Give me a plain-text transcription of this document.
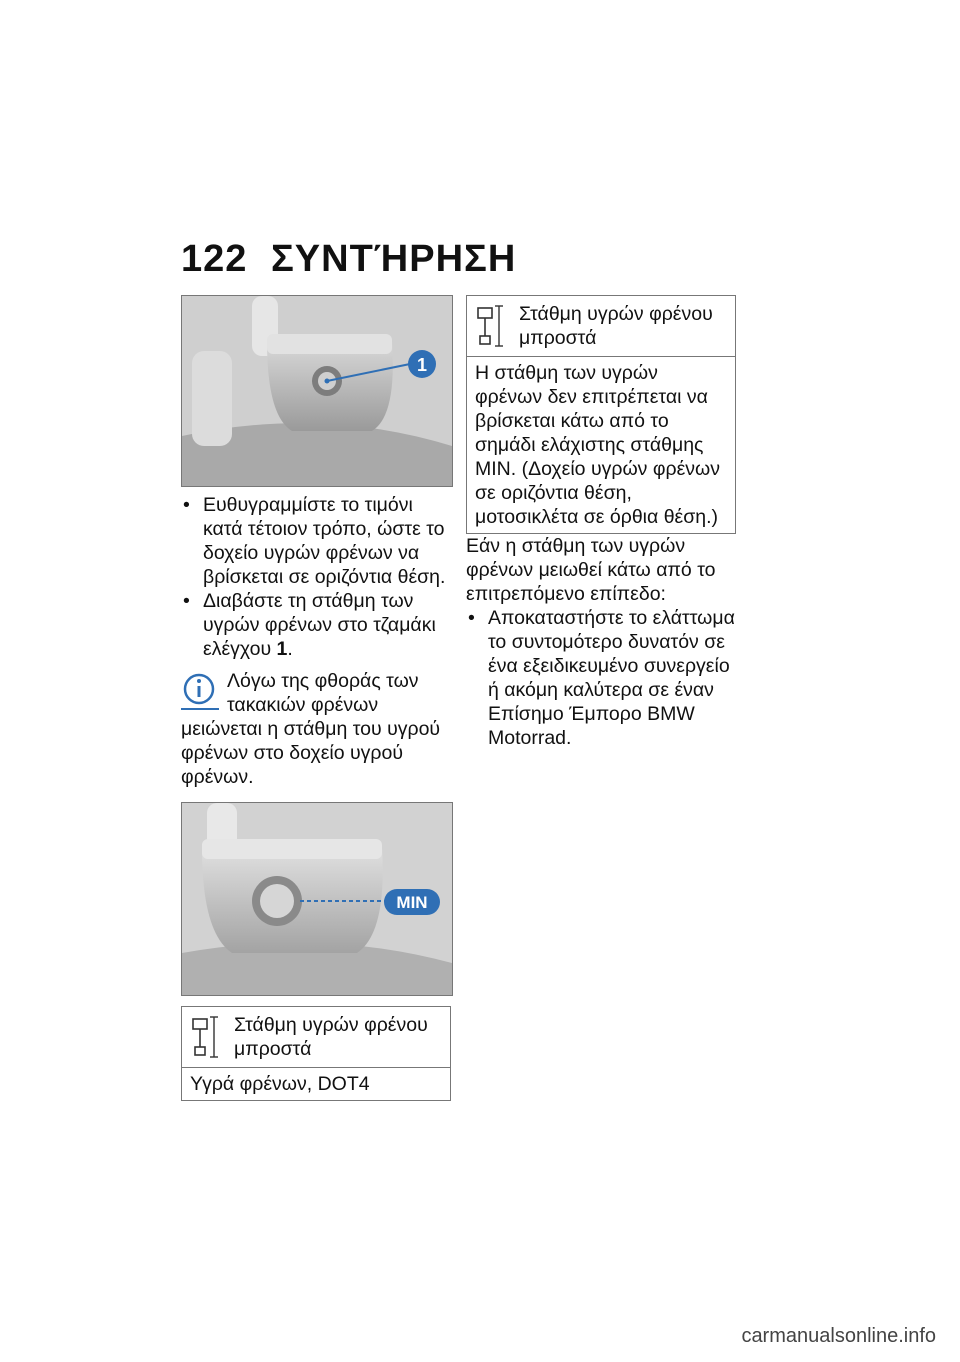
122 ΣΥΝΤΉΡΗΣΗ
1
• Ευθυγραμμίστε το τιμόνι κατά τέτοιον τρόπο, ώστε το δοχείο υγρών φρένων να βρίσκεται σε οριζόντια θέση.
• Διαβάστε τη στάθμη των υγρών φρένων στο τζαμάκι ελέγχου 1.
Λόγω της φθοράς των τακακιών φρένων μειώνεται η στάθμη του υγρού φρένων στο δοχείο υγρού φρένων.
MIN
Στάθμη υγρών φρένου μπροστά
Υγρά φρένων, DOT4
Στάθμη υγρών φρένου μπροστά
Η στάθμη των υγρών φρένων δεν επιτρέπεται να βρίσκεται κάτω από το σημάδι ελάχιστης στάθμης MIN. (Δοχείο υγρών φρένων σε οριζόντια θέση, μοτοσικλέτα σε όρθια θέση.)
Εάν η στάθμη των υγρών φρένων μειωθεί κάτω από το επιτρεπόμενο επίπεδο:
• Αποκαταστήστε το ελάττωμα το συντομότερο δυνατόν σε ένα εξειδικευμένο συνεργείο ή ακόμη καλύτερα σε έναν Επίσημο Έμπορο BMW Motorrad.
carmanualsonline.info
